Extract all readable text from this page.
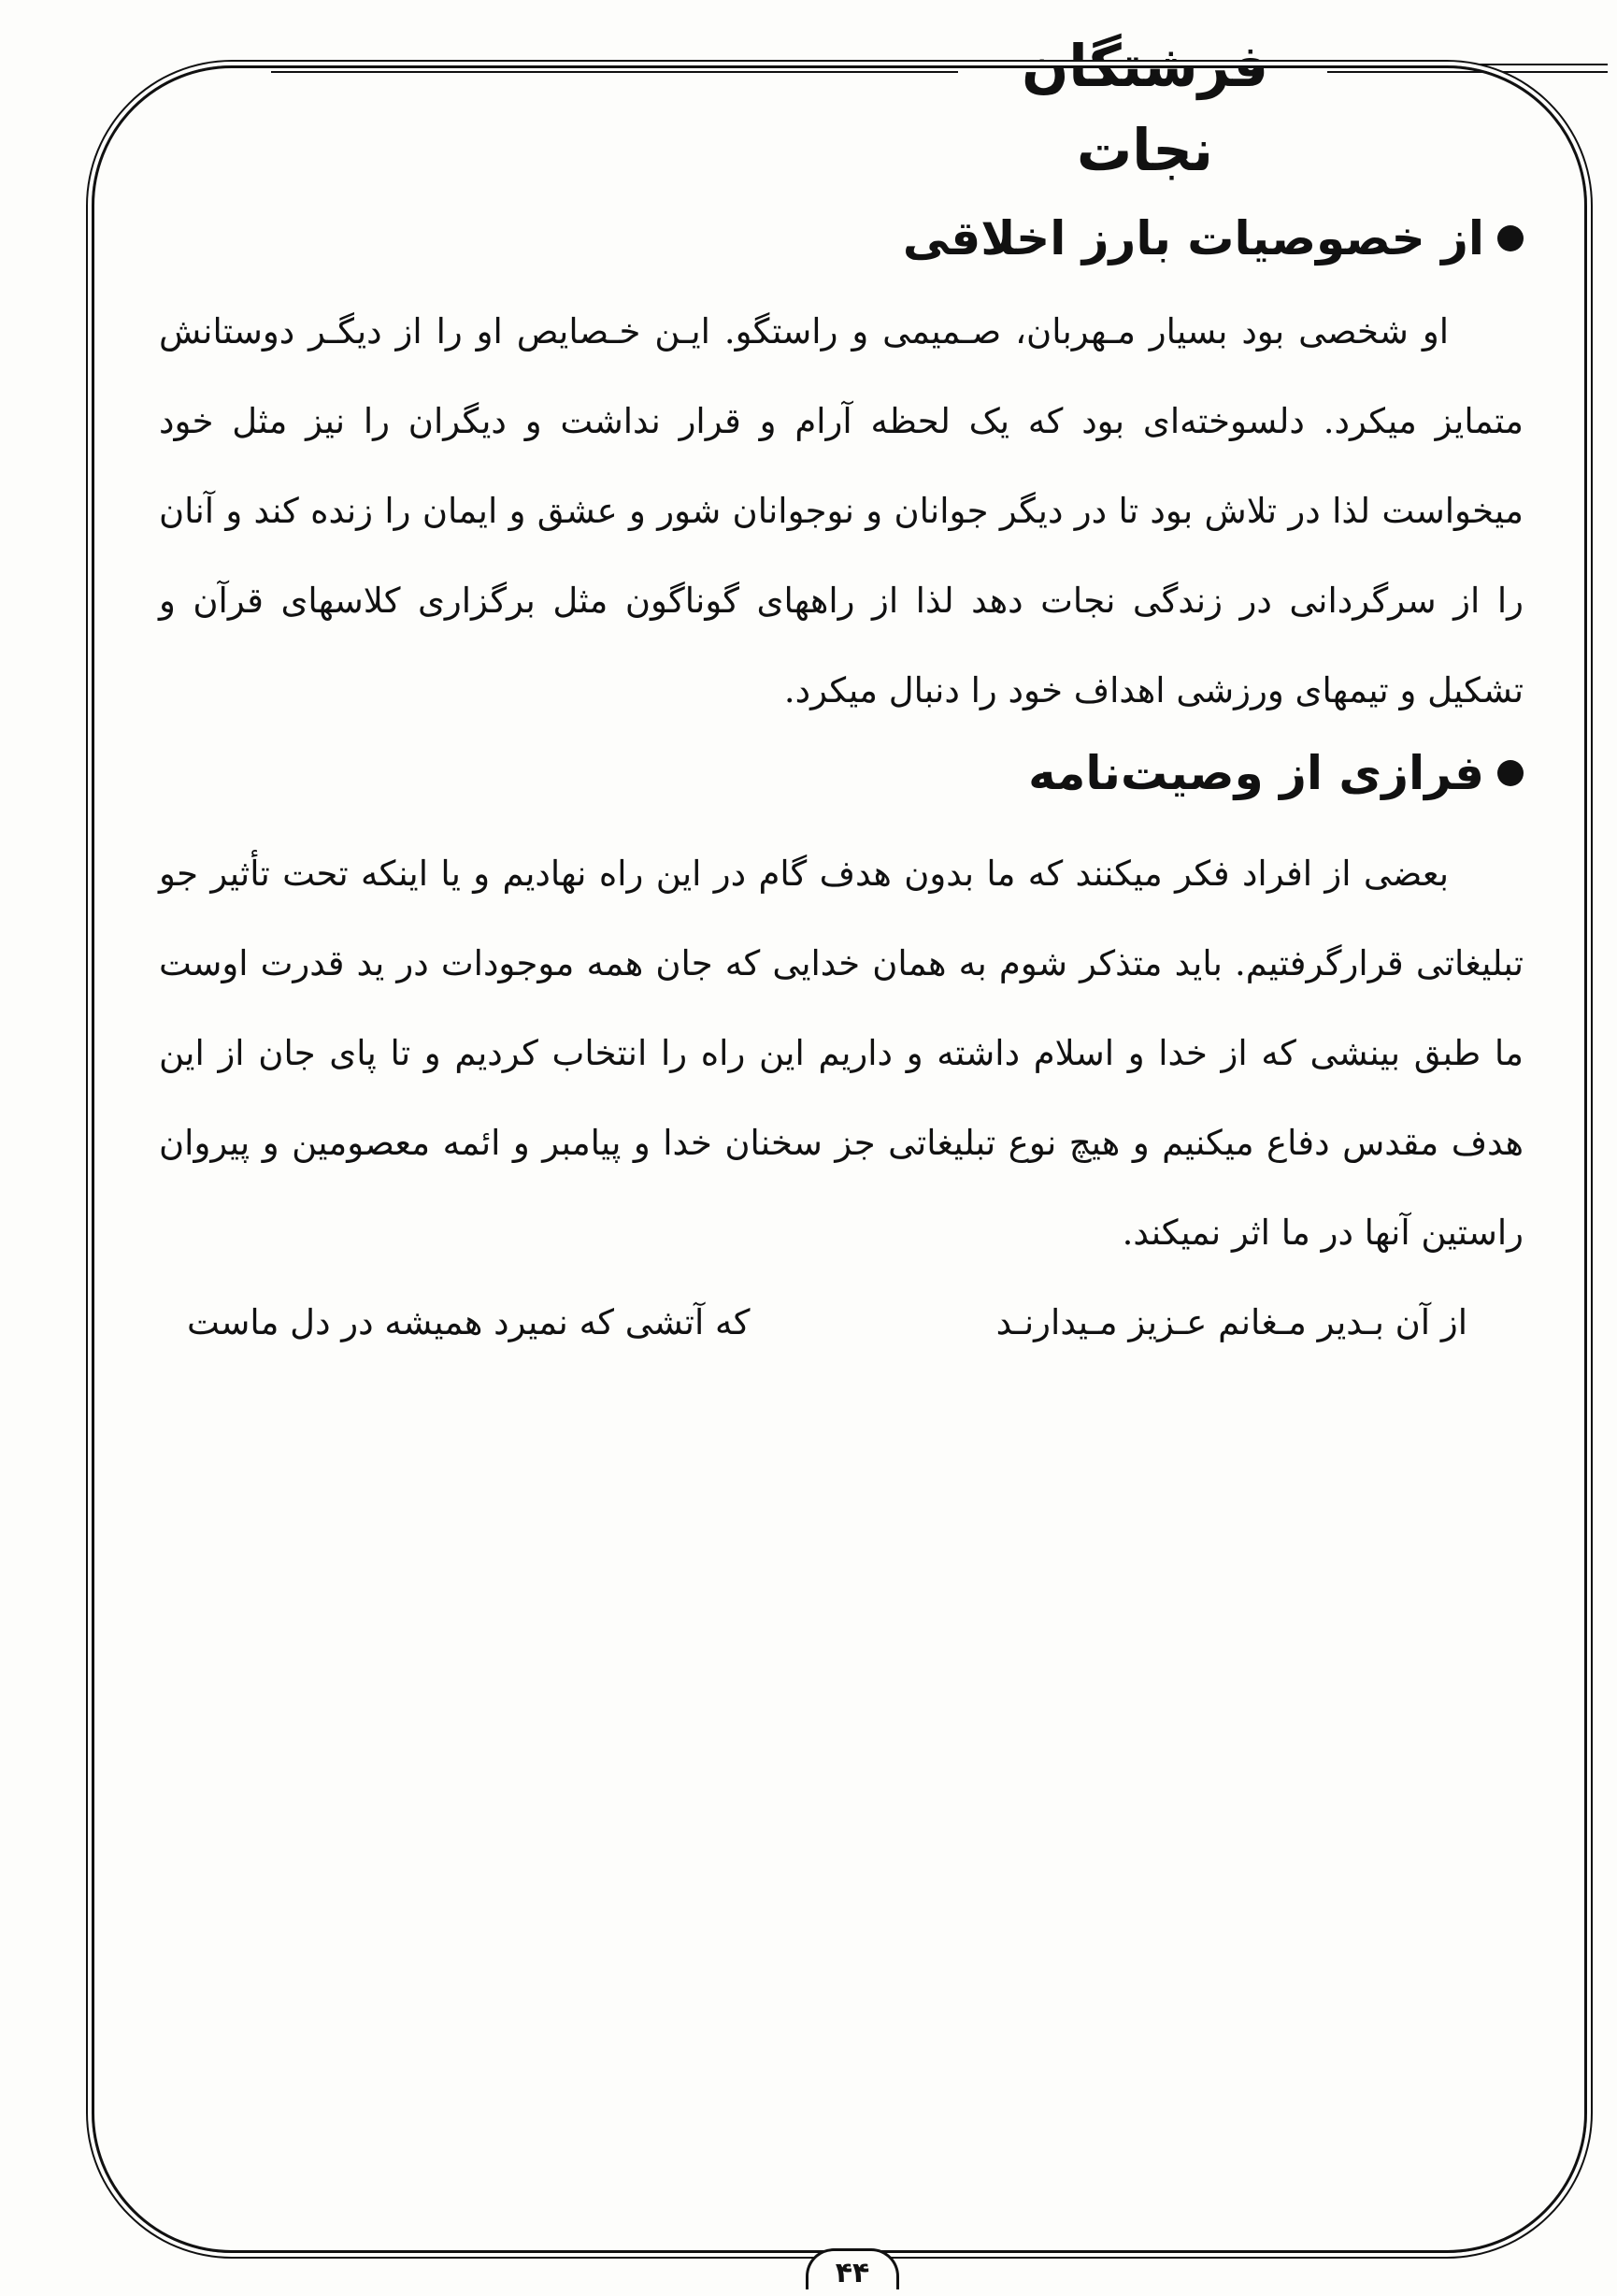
فرشتگان نجات
از خصوصیات بارز اخلاقی

او شخصی بود بسیار مـهربان، صـمیمی و راستگو. ایـن خـصایص او را از دیگـر دوستانش متمایز میکرد. دلسوخته‌ای بود که یک لحظه آرام و قرار نداشت و دیگران را نیز مثل خود میخواست لذا در تلاش بود تا در دیگر جوانان و نوجوانان شور و عشق و ایمان را زنده کند و آنان را از سرگردانی در زندگی نجات دهد لذا از راههای گوناگون مثل برگزاری کلاسهای قرآن و تشکیل و تیمهای ورزشی اهداف خود را دنبال میکرد.

فرازی از وصیت‌نامه

بعضی از افراد فکر میکنند که ما بدون هدف گام در این راه نهادیم و یا اینکه تحت تأثیر جو تبلیغاتی قرارگرفتیم. باید متذکر شوم به همان خدایی که جان همه موجودات در ید قدرت اوست ما طبق بینشی که از خدا و اسلام داشته و داریم این راه را انتخاب کردیم و تا پای جان از این هدف مقدس دفاع میکنیم و هیچ نوع تبلیغاتی جز سخنان خدا و پیامبر و ائمه معصومین و پیروان راستین آنها در ما اثر نمیکند.

از آن بـدیر مـغانم عـزیز مـیدارنـد
که آتشی که نمیرد همیشه در دل ماست
۴۴
